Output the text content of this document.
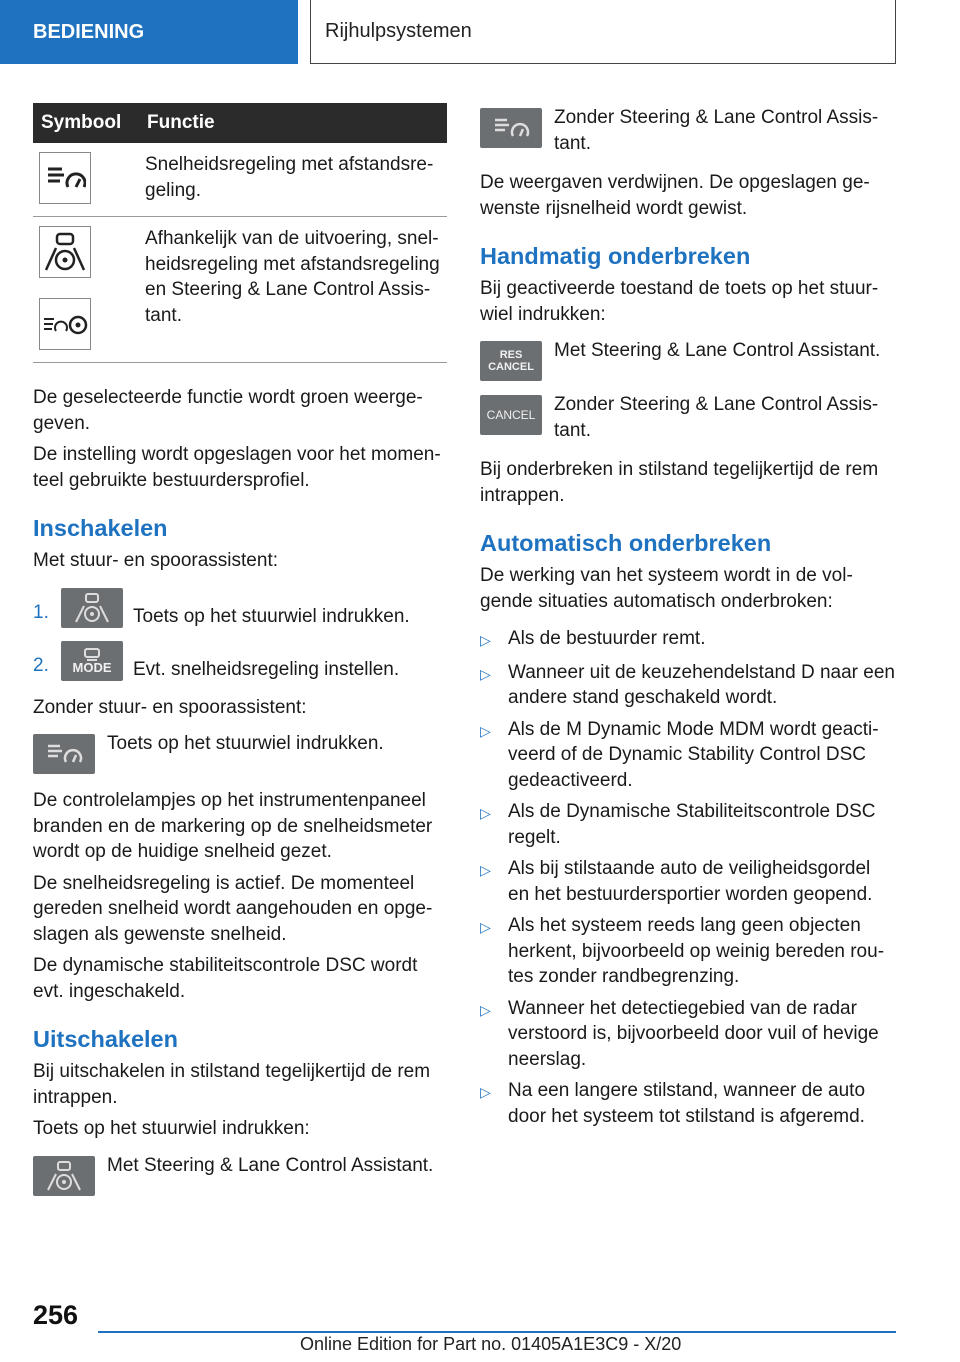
BEDIENING	Rijhulpsystemen
Symbool	Functie

	Snelheidsregeling met afstandsre-geling.

	Afhankelijk van de uitvoering, snel-heidsregeling met afstandsregeling en Steering & Lane Control Assis-tant.

De geselecteerde functie wordt groen weerge-geven.

De instelling wordt opgeslagen voor het momen-teel gebruikte bestuurdersprofiel.

Inschakelen

Met stuur- en spoorassistent:

1.	Toets op het stuurwiel indrukken.

2.	MODE Evt. snelheidsregeling instellen.

Zonder stuur- en spoorassistent:

Toets op het stuurwiel indrukken.

De controlelampjes op het instrumentenpaneel branden en de markering op de snelheidsmeter wordt op de huidige snelheid gezet.

De snelheidsregeling is actief. De momenteel gereden snelheid wordt aangehouden en opge-slagen als gewenste snelheid.

De dynamische stabiliteitscontrole DSC wordt evt. ingeschakeld.

Uitschakelen

Bij uitschakelen in stilstand tegelijkertijd de rem intrappen.

Toets op het stuurwiel indrukken:

Met Steering & Lane Control Assistant.

Zonder Steering & Lane Control Assis-tant.

De weergaven verdwijnen. De opgeslagen ge-wenste rijsnelheid wordt gewist.

Handmatig onderbreken

Bij geactiveerde toestand de toets op het stuur-wiel indrukken:

RES
CANCEL

Met Steering & Lane Control Assistant.

CANCEL Zonder Steering & Lane Control Assis-tant.

Bij onderbreken in stilstand tegelijkertijd de rem intrappen.

Automatisch onderbreken

De werking van het systeem wordt in de vol-gende situaties automatisch onderbroken:

▷ Als de bestuurder remt.
▷ Wanneer uit de keuzehendelstand D naar een andere stand geschakeld wordt.
▷ Als de M Dynamic Mode MDM wordt geacti-veerd of de Dynamic Stability Control DSC gedeactiveerd.
▷ Als de Dynamische Stabiliteitscontrole DSC regelt.
▷ Als bij stilstaande auto de veiligheidsgordel en het bestuurdersportier worden geopend.
▷ Als het systeem reeds lang geen objecten herkent, bijvoorbeeld op weinig bereden rou-tes zonder randbegrenzing.
▷ Wanneer het detectiegebied van de radar verstoord is, bijvoorbeeld door vuil of hevige neerslag.
▷ Na een langere stilstand, wanneer de auto door het systeem tot stilstand is afgeremd.
256
Online Edition for Part no. 01405A1E3C9 - X/20
